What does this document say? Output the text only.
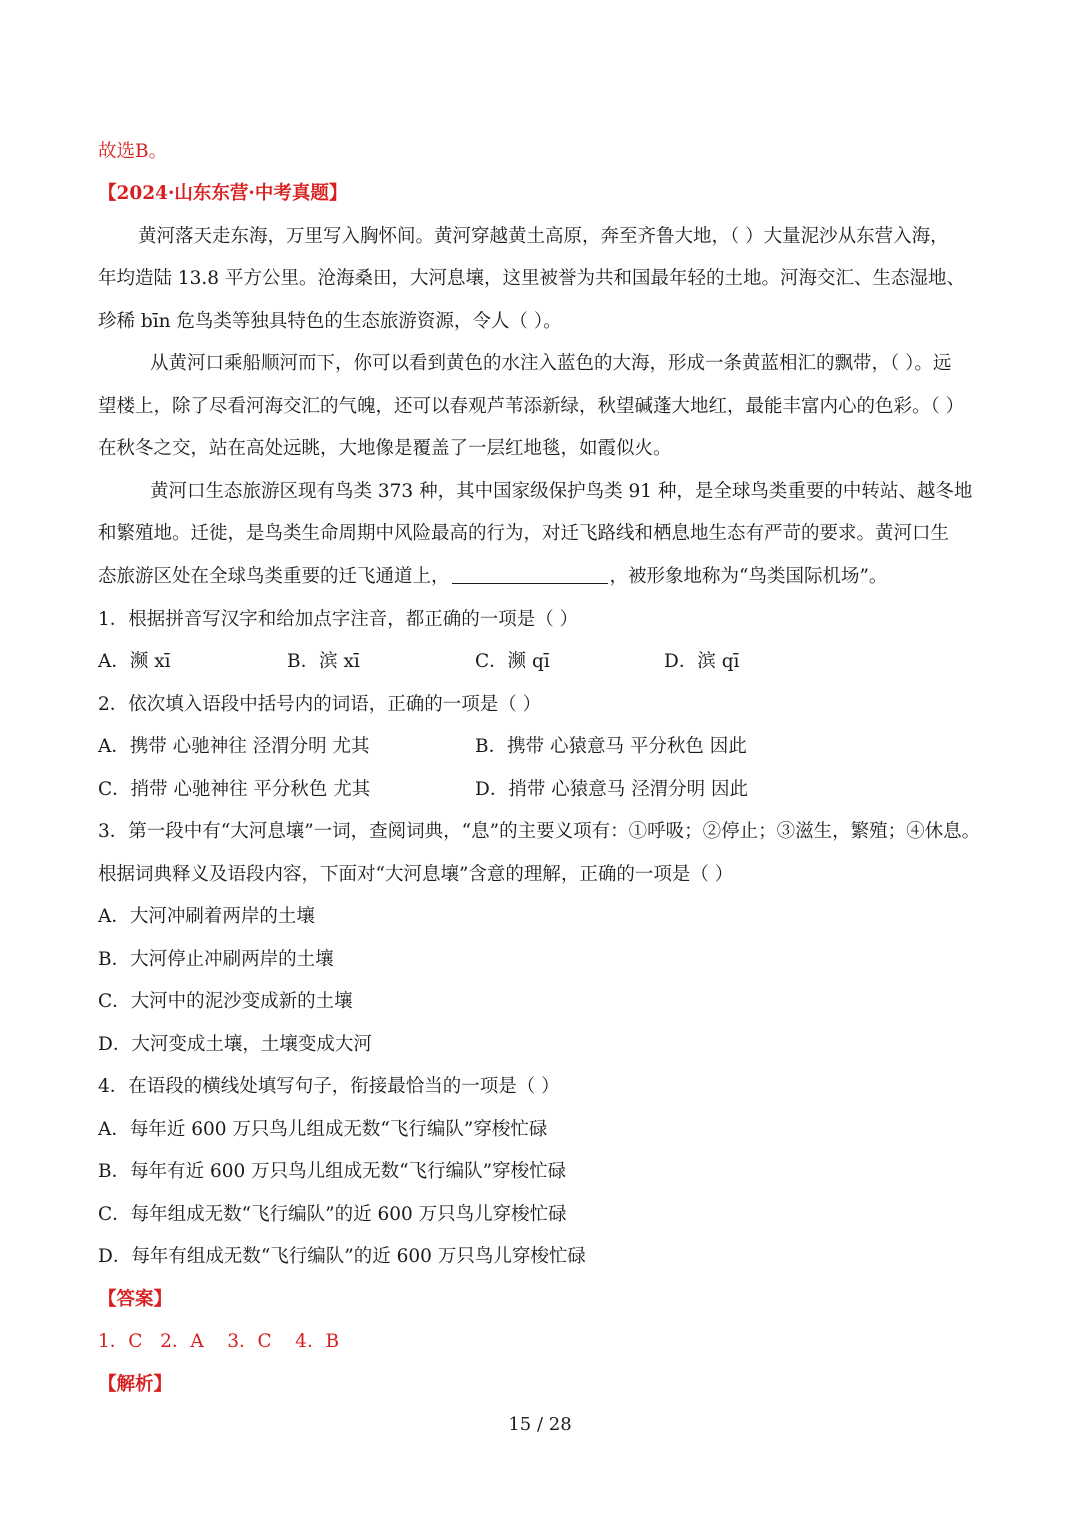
故选B。
【2024·山东东营·中考真题】
黄河落天走东海，万里写入胸怀间。黄河穿越黄土高原，奔至齐鲁大地，（ ）大量泥沙从东营入海，
年均造陆 13.8 平方公里。沧海桑田，大河息壤，这里被誉为共和国最年轻的土地。河海交汇、生态湿地、
珍稀 bīn 危鸟类等独具特色的生态旅游资源，令人（ ）。
从黄河口乘船顺河而下，你可以看到黄色的水注入蓝色的大海，形成一条黄蓝相汇的飘带，（ ）。远
望楼上，除了尽看河海交汇的气魄，还可以春观芦苇添新绿，秋望碱蓬大地红，最能丰富内心的色彩。（ ）
在秋冬之交，站在高处远眺，大地像是覆盖了一层红地毯，如霞似火。
黄河口生态旅游区现有鸟类 373 种，其中国家级保护鸟类 91 种，是全球鸟类重要的中转站、越冬地
和繁殖地。迁徙，是鸟类生命周期中风险最高的行为，对迁飞路线和栖息地生态有严苛的要求。黄河口生
态旅游区处在全球鸟类重要的迁飞通道上，	，被形象地称为“鸟类国际机场”。
1．根据拼音写汉字和给加点字注音，都正确的一项是（ ）
A．濒 xī	B．滨 xī	C．濒 qī	D．滨 qī
2．依次填入语段中括号内的词语，正确的一项是（ ）
A．携带 心驰神往 泾渭分明 尤其	B．携带 心猿意马 平分秋色 因此
C．捎带 心驰神往 平分秋色 尤其	D．捎带 心猿意马 泾渭分明 因此
3．第一段中有“大河息壤”一词，查阅词典，“息”的主要义项有：①呼吸；②停止；③滋生，繁殖；④休息。
根据词典释义及语段内容，下面对“大河息壤”含意的理解，正确的一项是（ ）
A．大河冲刷着两岸的土壤
B．大河停止冲刷两岸的土壤
C．大河中的泥沙变成新的土壤
D．大河变成土壤，土壤变成大河
4．在语段的横线处填写句子，衔接最恰当的一项是（ ）
A．每年近 600 万只鸟儿组成无数“飞行编队”穿梭忙碌
B．每年有近 600 万只鸟儿组成无数“飞行编队”穿梭忙碌
C．每年组成无数“飞行编队”的近 600 万只鸟儿穿梭忙碌
D．每年有组成无数“飞行编队”的近 600 万只鸟儿穿梭忙碌
【答案】
1．C   2．A    3．C    4．B
【解析】
15 / 28
